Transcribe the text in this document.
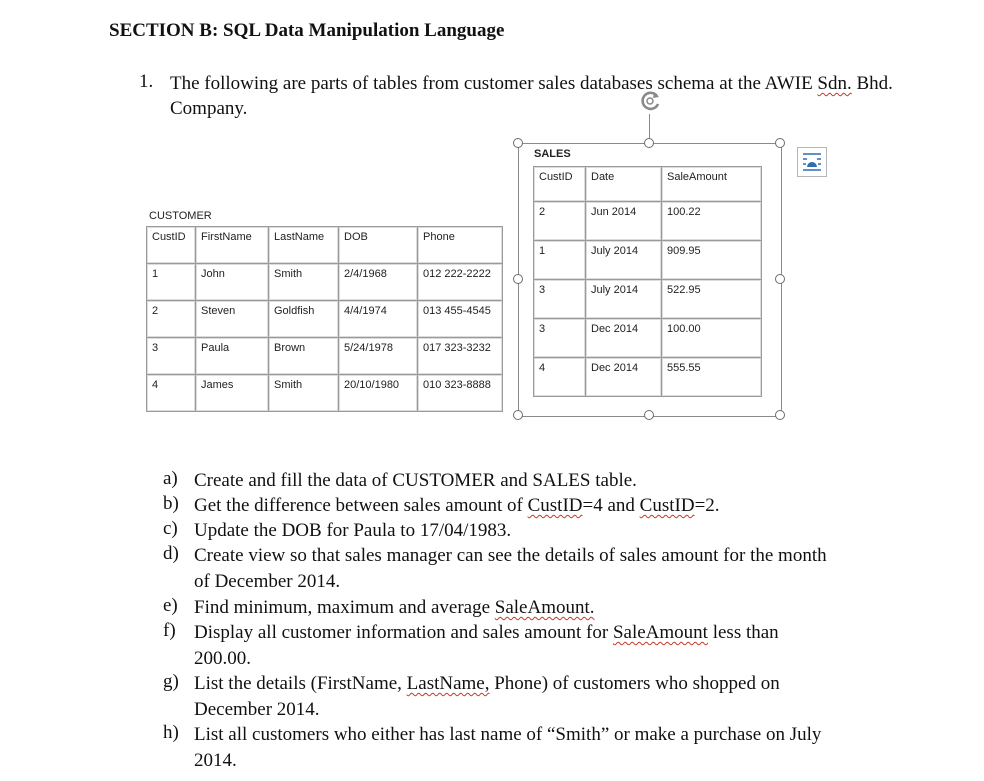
SECTION B: SQL Data Manipulation Language
1. The following are parts of tables from customer sales databases schema at the AWIE Sdn. Bhd. Company.
CUSTOMER
CustID	FirstName	LastName	DOB	Phone
1	John	Smith	2/4/1968	012 222-2222
2	Steven	Goldfish	4/4/1974	013 455-4545
3	Paula	Brown	5/24/1978	017 323-3232
4	James	Smith	20/10/1980	010 323-8888
SALES
CustID	Date	SaleAmount
2	Jun 2014	100.22
1	July 2014	909.95
3	July 2014	522.95
3	Dec 2014	100.00
4	Dec 2014	555.55
a) Create and fill the data of CUSTOMER and SALES table.
b) Get the difference between sales amount of CustID=4 and CustID=2.
c) Update the DOB for Paula to 17/04/1983.
d) Create view so that sales manager can see the details of sales amount for the month of December 2014.
e) Find minimum, maximum and average SaleAmount.
f) Display all customer information and sales amount for SaleAmount less than 200.00.
g) List the details (FirstName, LastName, Phone) of customers who shopped on December 2014.
h) List all customers who either has last name of “Smith” or make a purchase on July 2014.
